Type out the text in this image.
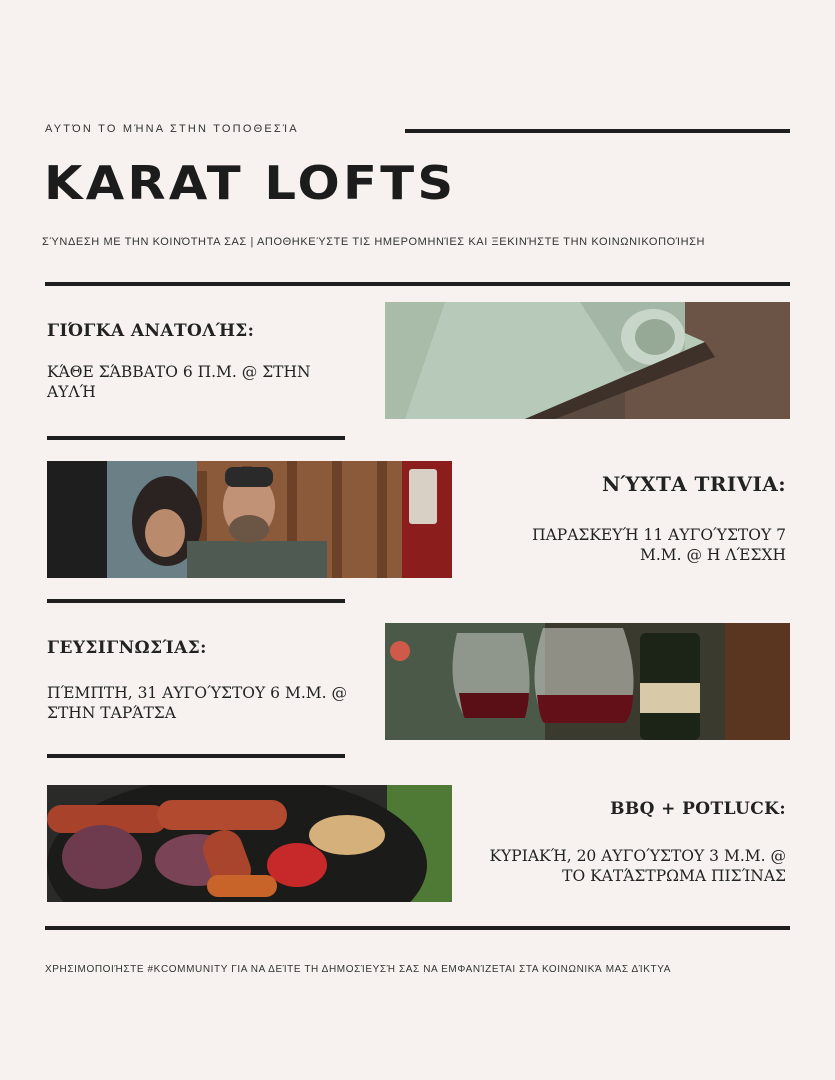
ΑΥΤΌΝ ΤΟ ΜΉΝΑ ΣΤΗΝ ΤΟΠΟΘΕΣΊΑ
KARAT LOFTS
ΣΎΝΔΕΣΗ ΜΕ ΤΗΝ ΚΟΙΝΌΤΗΤΑ ΣΑΣ | ΑΠΟΘΗΚΕΎΣΤΕ ΤΙΣ ΗΜΕΡΟΜΗΝΊΕΣ ΚΑΙ ΞΕΚΙΝΉΣΤΕ ΤΗΝ ΚΟΙΝΩΝΙΚΟΠΟΊΗΣΗ
ΓΙΌΓΚΑ ΑΝΑΤΟΛΉΣ:
ΚΆΘΕ ΣΆΒΒΑΤΟ 6 Π.Μ. @ ΣΤΗΝ ΑΥΛΉ
ΝΎΧΤΑ TRIVIA:
ΠΑΡΑΣΚΕΥΉ 11 ΑΥΓΟΎΣΤΟΥ 7 Μ.Μ. @ Η ΛΈΣΧΗ
ΓΕΥΣΙΓΝΩΣΊΑΣ:
ΠΈΜΠΤΗ, 31 ΑΥΓΟΎΣΤΟΥ 6 Μ.Μ. @ ΣΤΗΝ ΤΑΡΆΤΣΑ
BBQ + POTLUCK:
ΚΥΡΙΑΚΉ, 20 ΑΥΓΟΎΣΤΟΥ 3 Μ.Μ. @ ΤΟ ΚΑΤΆΣΤΡΩΜΑ ΠΙΣΊΝΑΣ
ΧΡΗΣΙΜΟΠΟΙΉΣΤΕ #KCOMMUNITY ΓΙΑ ΝΑ ΔΕΊΤΕ ΤΗ ΔΗΜΟΣΊΕΥΣΉ ΣΑΣ ΝΑ ΕΜΦΑΝΊΖΕΤΑΙ ΣΤΑ ΚΟΙΝΩΝΙΚΆ ΜΑΣ ΔΊΚΤΥΑ
